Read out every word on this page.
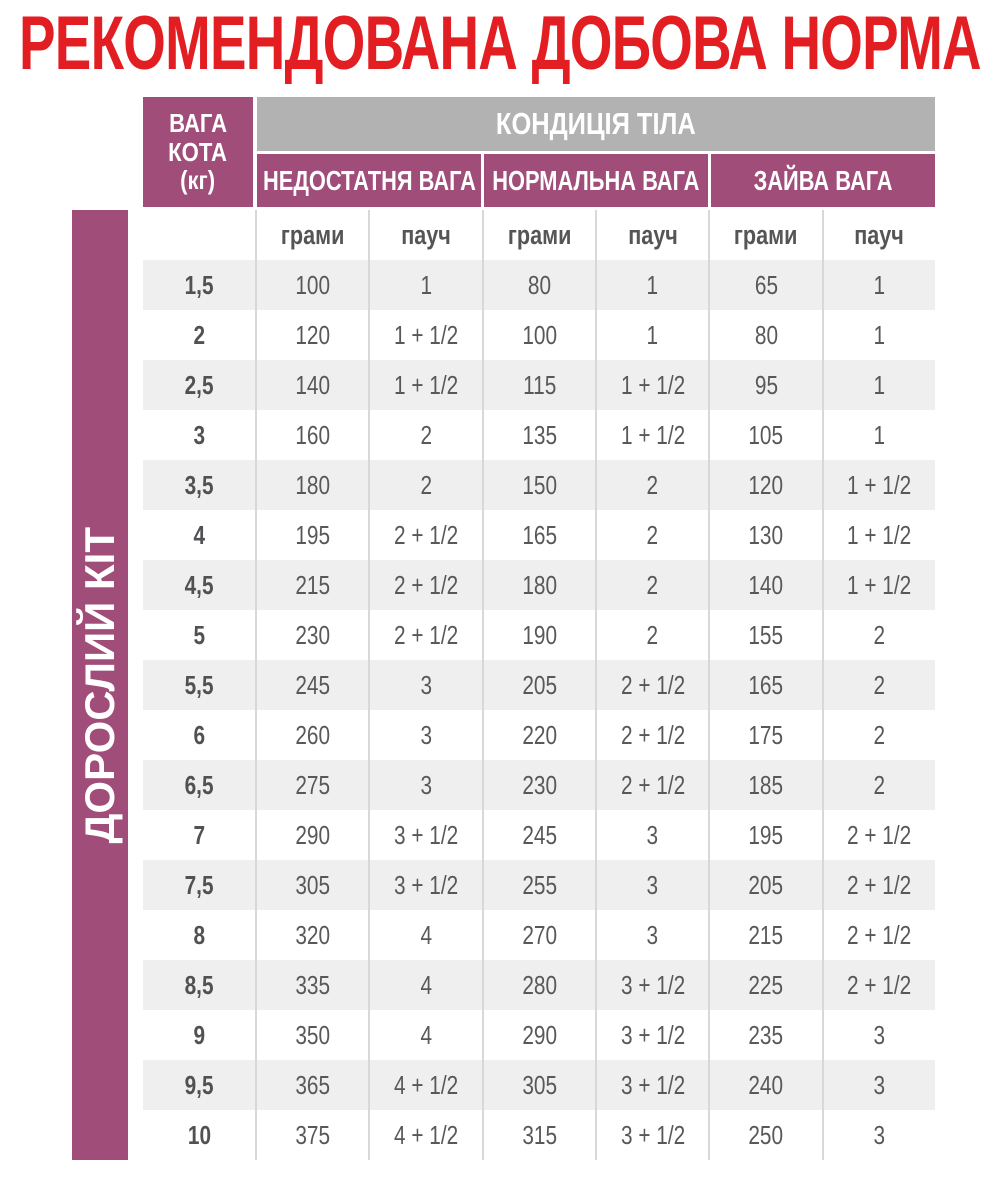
РЕКОМЕНДОВАНА ДОБОВА НОРМА
ДОРОСЛИЙ КІТ
ВАГА
КОТА
(кг)
КОНДИЦІЯ ТІЛА
НЕДОСТАТНЯ ВАГА НОРМАЛЬНА ВАГА ЗАЙВА ВАГА
грами пауч грами пауч грами пауч
1,5	100	1	80	1	65	1
2	120 1 + 1/2 100	1	80	1
2,5	140 1 + 1/2 115 1 + 1/2	95	1
3	160	2	135 1 + 1/2 105	1
3,5	180	2	150	2	120 1 + 1/2
4	195 2 + 1/2 165	2	130 1 + 1/2
4,5	215 2 + 1/2 180	2	140 1 + 1/2
5	230 2 + 1/2 190	2	155	2
5,5	245	3	205 2 + 1/2 165	2
6	260	3	220 2 + 1/2 175	2
6,5	275	3	230 2 + 1/2 185	2
7	290 3 + 1/2 245	3	195 2 + 1/2
7,5	305 3 + 1/2 255	3	205 2 + 1/2
8	320	4	270	3	215 2 + 1/2
8,5	335	4	280 3 + 1/2 225 2 + 1/2
9	350	4	290 3 + 1/2 235	3
9,5	365 4 + 1/2 305 3 + 1/2 240	3
10	375 4 + 1/2 315 3 + 1/2 250	3
